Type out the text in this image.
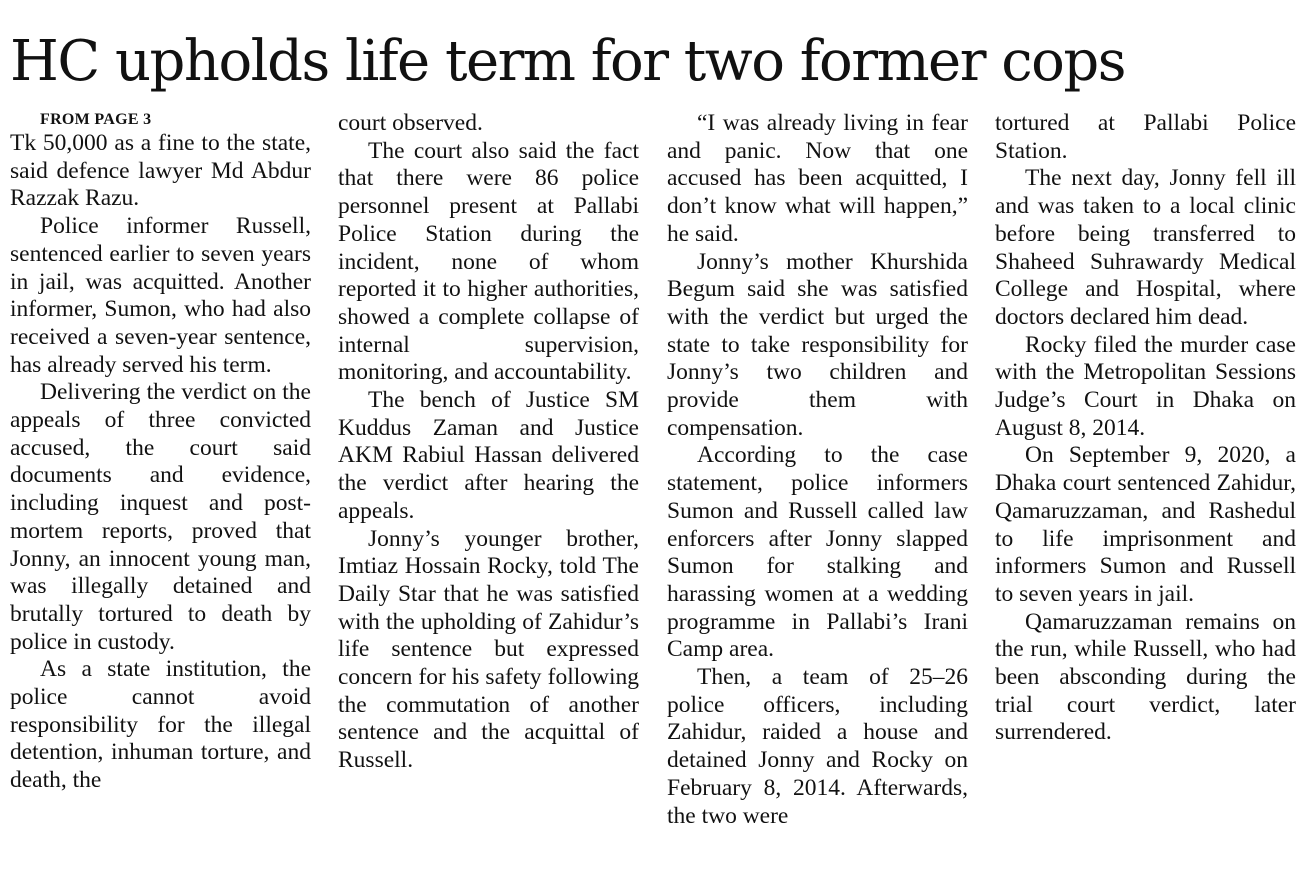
HC upholds life term for two former cops

FROM PAGE 3

Tk 50,000 as a fine to the state, said defence lawyer Md Abdur Razzak Razu.

Police informer Russell, sentenced earlier to seven years in jail, was acquitted. Another informer, Sumon, who had also received a seven-year sentence, has already served his term.

Delivering the verdict on the appeals of three convicted accused, the court said documents and evidence, including inquest and post-mortem reports, proved that Jonny, an innocent young man, was illegally detained and brutally tortured to death by police in custody.

As a state institution, the police cannot avoid responsibility for the illegal detention, inhuman torture, and death, the

court observed.

The court also said the fact that there were 86 police personnel present at Pallabi Police Station during the incident, none of whom reported it to higher authorities, showed a complete collapse of internal supervision, monitoring, and accountability.

The bench of Justice SM Kuddus Zaman and Justice AKM Rabiul Hassan delivered the verdict after hearing the appeals.

Jonny’s younger brother, Imtiaz Hossain Rocky, told The Daily Star that he was satisfied with the upholding of Zahidur’s life sentence but expressed concern for his safety following the commutation of another sentence and the acquittal of Russell.

“I was already living in fear and panic. Now that one accused has been acquitted, I don’t know what will happen,” he said.

Jonny’s mother Khurshida Begum said she was satisfied with the verdict but urged the state to take responsibility for Jonny’s two children and provide them with compensation.

According to the case statement, police informers Sumon and Russell called law enforcers after Jonny slapped Sumon for stalking and harassing women at a wedding programme in Pallabi’s Irani Camp area.

Then, a team of 25–26 police officers, including Zahidur, raided a house and detained Jonny and Rocky on February 8, 2014. Afterwards, the two were

tortured at Pallabi Police Station.

The next day, Jonny fell ill and was taken to a local clinic before being transferred to Shaheed Suhrawardy Medical College and Hospital, where doctors declared him dead.

Rocky filed the murder case with the Metropolitan Sessions Judge’s Court in Dhaka on August 8, 2014.

On September 9, 2020, a Dhaka court sentenced Zahidur, Qamaruzzaman, and Rashedul to life imprisonment and informers Sumon and Russell to seven years in jail.

Qamaruzzaman remains on the run, while Russell, who had been absconding during the trial court verdict, later surrendered.
